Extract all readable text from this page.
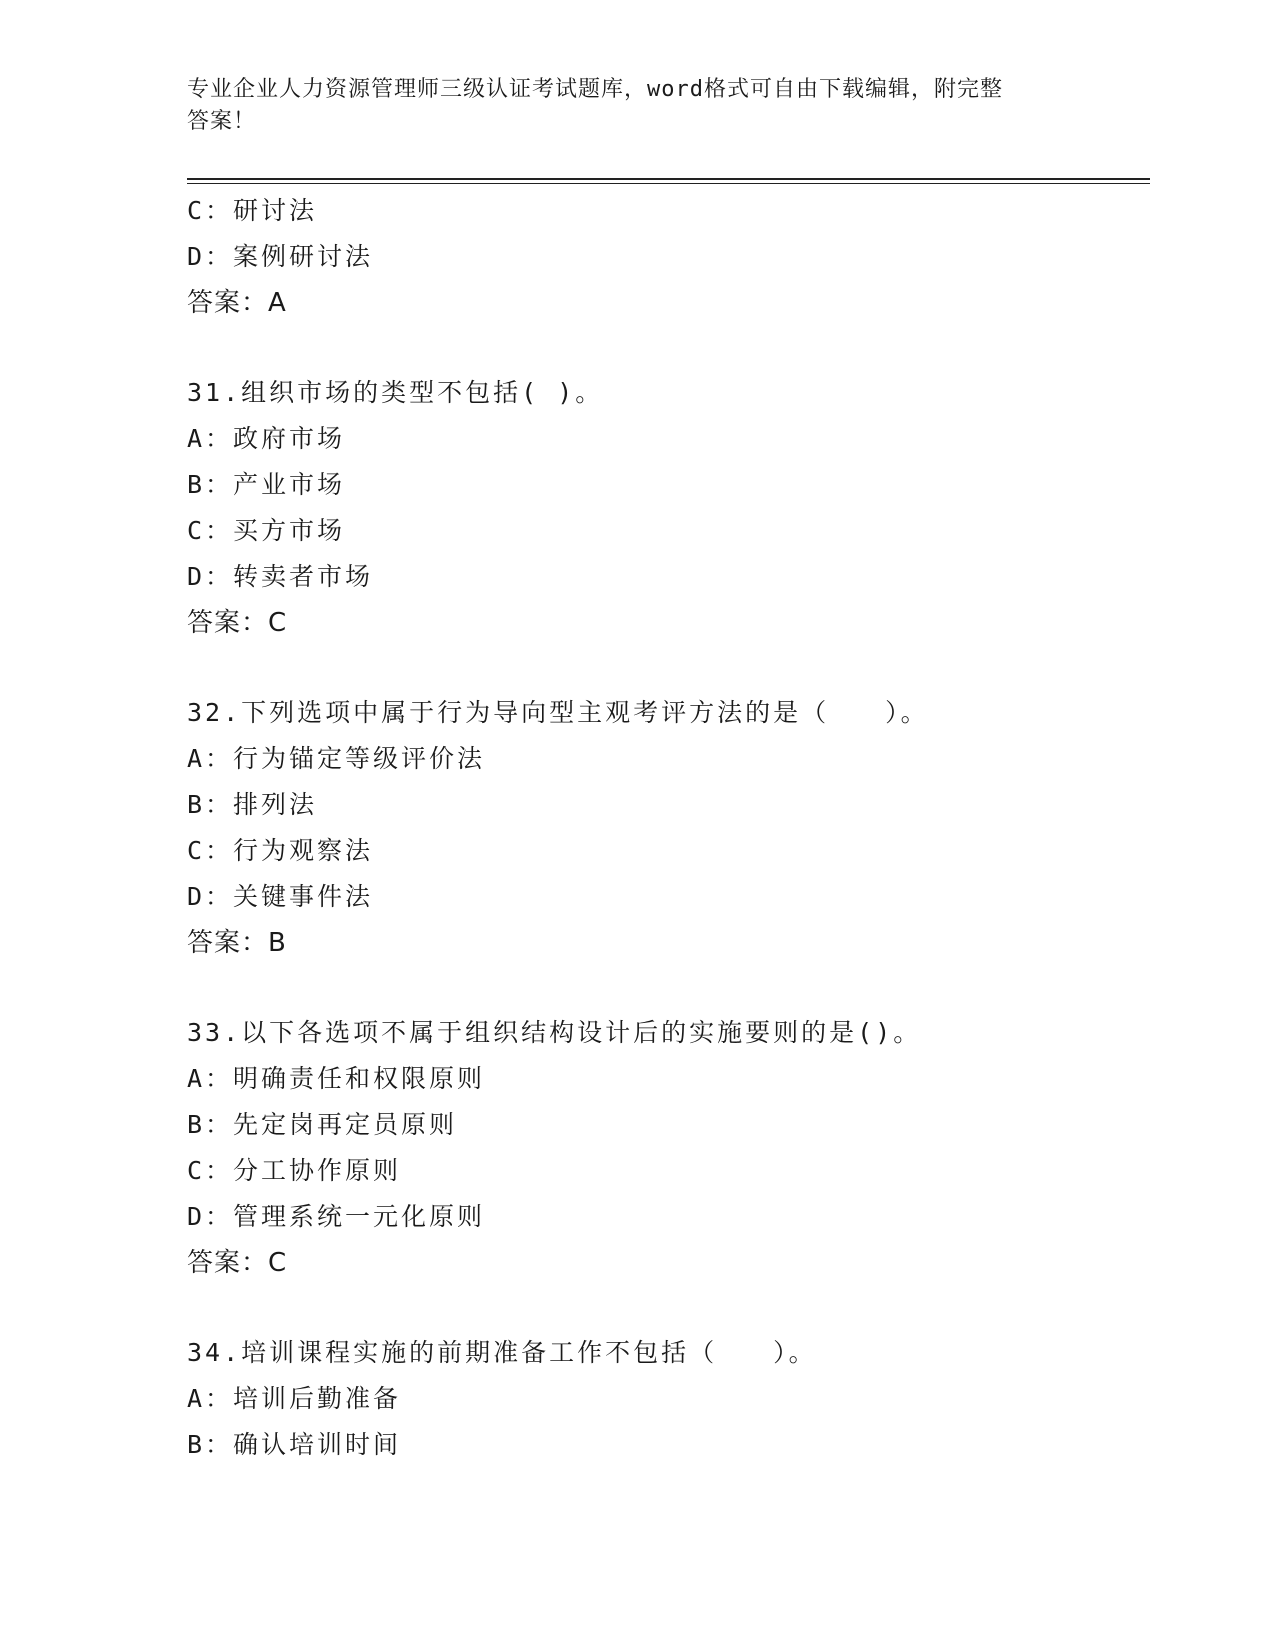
专业企业人力资源管理师三级认证考试题库，word格式可自由下载编辑，附完整
答案！
C：研讨法
D：案例研讨法
答案：A
31.组织市场的类型不包括( )。
A：政府市场
B：产业市场
C：买方市场
D：转卖者市场
答案：C
32.下列选项中属于行为导向型主观考评方法的是（　　）。
A：行为锚定等级评价法
B：排列法
C：行为观察法
D：关键事件法
答案：B
33.以下各选项不属于组织结构设计后的实施要则的是()。
A：明确责任和权限原则
B：先定岗再定员原则
C：分工协作原则
D：管理系统一元化原则
答案：C
34.培训课程实施的前期准备工作不包括（　　）。
A：培训后勤准备
B：确认培训时间
